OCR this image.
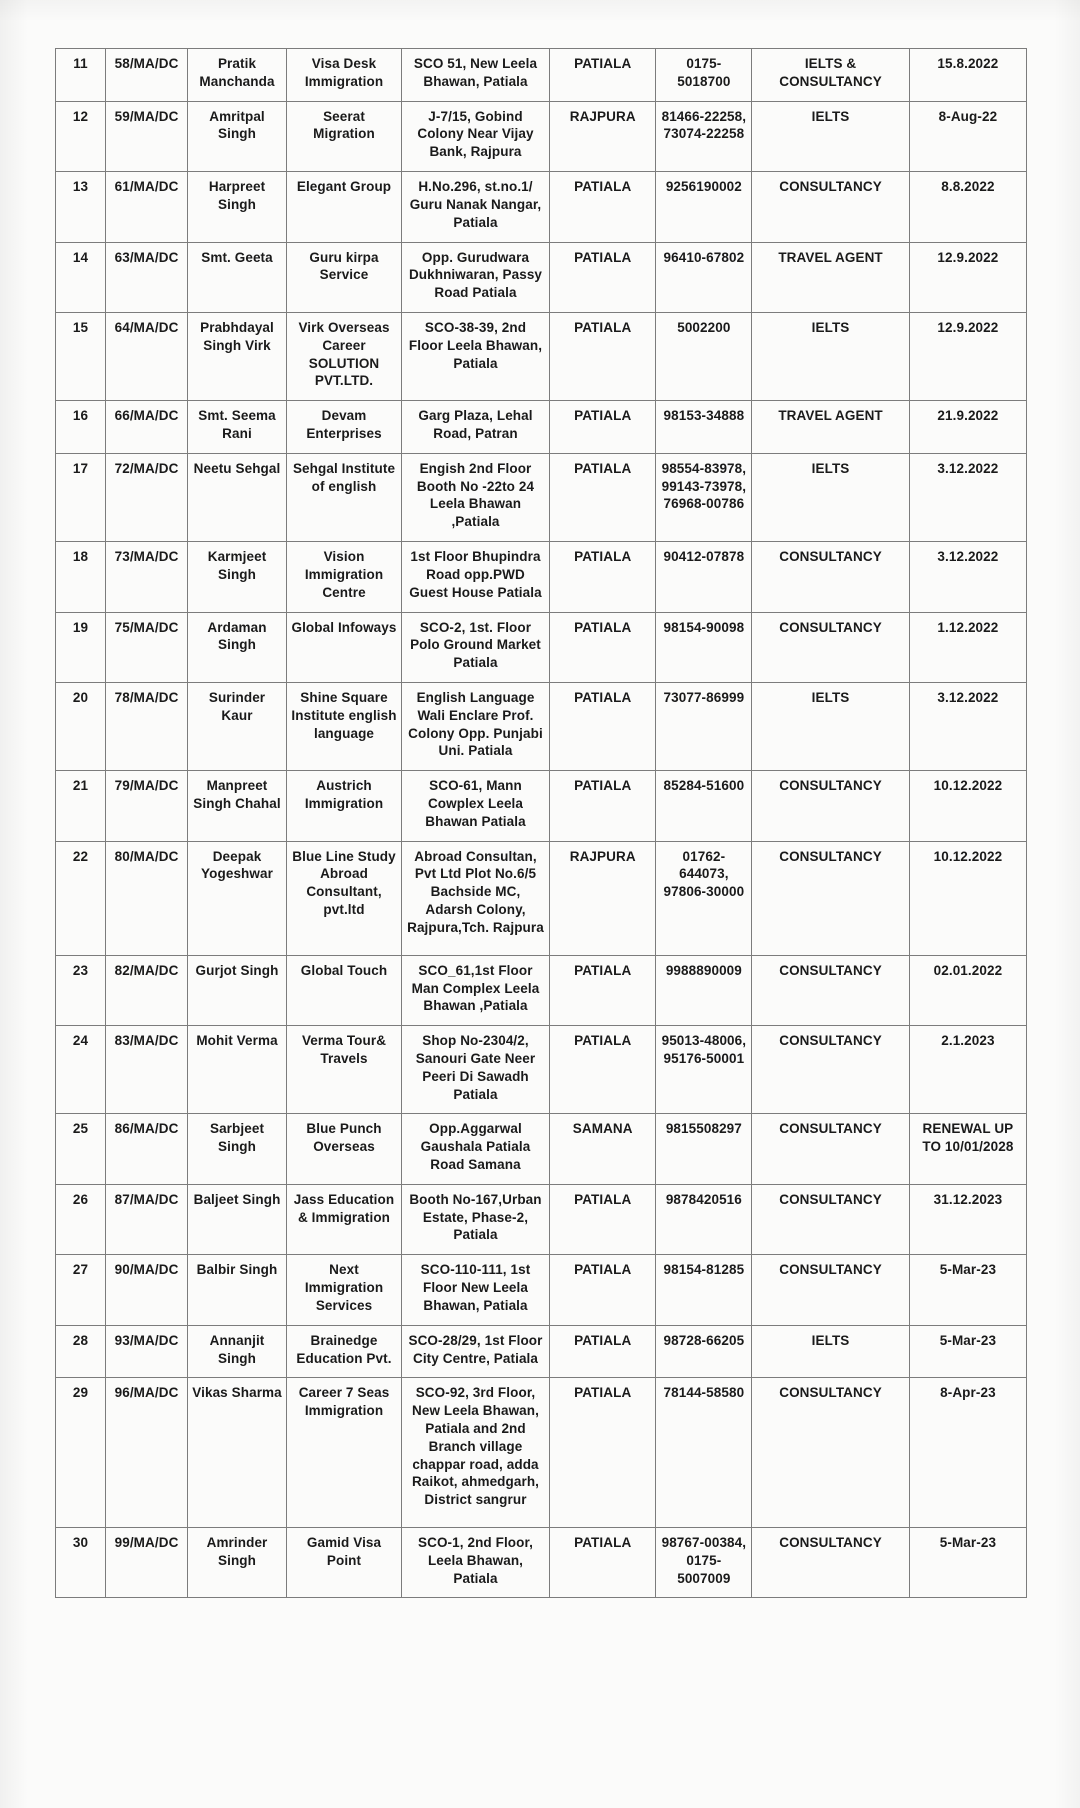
11	58/MA/DC	Pratik Manchanda	Visa Desk Immigration	SCO 51, New Leela Bhawan, Patiala	PATIALA	0175-5018700	IELTS & CONSULTANCY	15.8.2022
12	59/MA/DC	Amritpal Singh	Seerat Migration	J-7/15, Gobind Colony Near Vijay Bank, Rajpura	RAJPURA	81466-22258, 73074-22258	IELTS	8-Aug-22
13	61/MA/DC	Harpreet Singh	Elegant Group	H.No.296, st.no.1/ Guru Nanak Nangar, Patiala	PATIALA	9256190002	CONSULTANCY	8.8.2022
14	63/MA/DC	Smt. Geeta	Guru kirpa Service	Opp. Gurudwara Dukhniwaran, Passy Road Patiala	PATIALA	96410-67802	TRAVEL AGENT	12.9.2022
15	64/MA/DC	Prabhdayal Singh Virk	Virk Overseas Career SOLUTION PVT.LTD.	SCO-38-39, 2nd Floor Leela Bhawan, Patiala	PATIALA	5002200	IELTS	12.9.2022
16	66/MA/DC	Smt. Seema Rani	Devam Enterprises	Garg Plaza, Lehal Road, Patran	PATIALA	98153-34888	TRAVEL AGENT	21.9.2022
17	72/MA/DC	Neetu Sehgal	Sehgal Institute of english	Engish 2nd Floor Booth No -22to 24 Leela Bhawan ,Patiala	PATIALA	98554-83978, 99143-73978, 76968-00786	IELTS	3.12.2022
18	73/MA/DC	Karmjeet Singh	Vision Immigration Centre	1st Floor Bhupindra Road opp.PWD Guest House Patiala	PATIALA	90412-07878	CONSULTANCY	3.12.2022
19	75/MA/DC	Ardaman Singh	Global Infoways	SCO-2, 1st. Floor Polo Ground Market Patiala	PATIALA	98154-90098	CONSULTANCY	1.12.2022
20	78/MA/DC	Surinder Kaur	Shine Square Institute english language	English Language Wali Enclare Prof. Colony Opp. Punjabi Uni. Patiala	PATIALA	73077-86999	IELTS	3.12.2022
21	79/MA/DC	Manpreet Singh Chahal	Austrich Immigration	SCO-61, Mann Cowplex Leela Bhawan Patiala	PATIALA	85284-51600	CONSULTANCY	10.12.2022
22	80/MA/DC	Deepak Yogeshwar	Blue Line Study Abroad Consultant, pvt.ltd	Abroad Consultan, Pvt Ltd Plot No.6/5 Bachside MC, Adarsh Colony, Rajpura,Tch. Rajpura	RAJPURA	01762-644073, 97806-30000	CONSULTANCY	10.12.2022
23	82/MA/DC	Gurjot Singh	Global Touch	SCO_61,1st Floor Man Complex Leela Bhawan ,Patiala	PATIALA	9988890009	CONSULTANCY	02.01.2022
24	83/MA/DC	Mohit Verma	Verma Tour& Travels	Shop No-2304/2, Sanouri Gate Neer Peeri Di Sawadh Patiala	PATIALA	95013-48006, 95176-50001	CONSULTANCY	2.1.2023
25	86/MA/DC	Sarbjeet Singh	Blue Punch Overseas	Opp.Aggarwal Gaushala Patiala Road Samana	SAMANA	9815508297	CONSULTANCY	RENEWAL UP TO 10/01/2028
26	87/MA/DC	Baljeet Singh	Jass Education & Immigration	Booth No-167,Urban Estate, Phase-2, Patiala	PATIALA	9878420516	CONSULTANCY	31.12.2023
27	90/MA/DC	Balbir Singh	Next Immigration Services	SCO-110-111, 1st Floor New Leela Bhawan, Patiala	PATIALA	98154-81285	CONSULTANCY	5-Mar-23
28	93/MA/DC	Annanjit Singh	Brainedge Education Pvt.	SCO-28/29, 1st Floor City Centre, Patiala	PATIALA	98728-66205	IELTS	5-Mar-23
29	96/MA/DC	Vikas Sharma	Career 7 Seas Immigration	SCO-92, 3rd Floor, New Leela Bhawan, Patiala and 2nd Branch village chappar road, adda Raikot, ahmedgarh, District sangrur	PATIALA	78144-58580	CONSULTANCY	8-Apr-23
30	99/MA/DC	Amrinder Singh	Gamid Visa Point	SCO-1, 2nd Floor, Leela Bhawan, Patiala	PATIALA	98767-00384, 0175-5007009	CONSULTANCY	5-Mar-23
